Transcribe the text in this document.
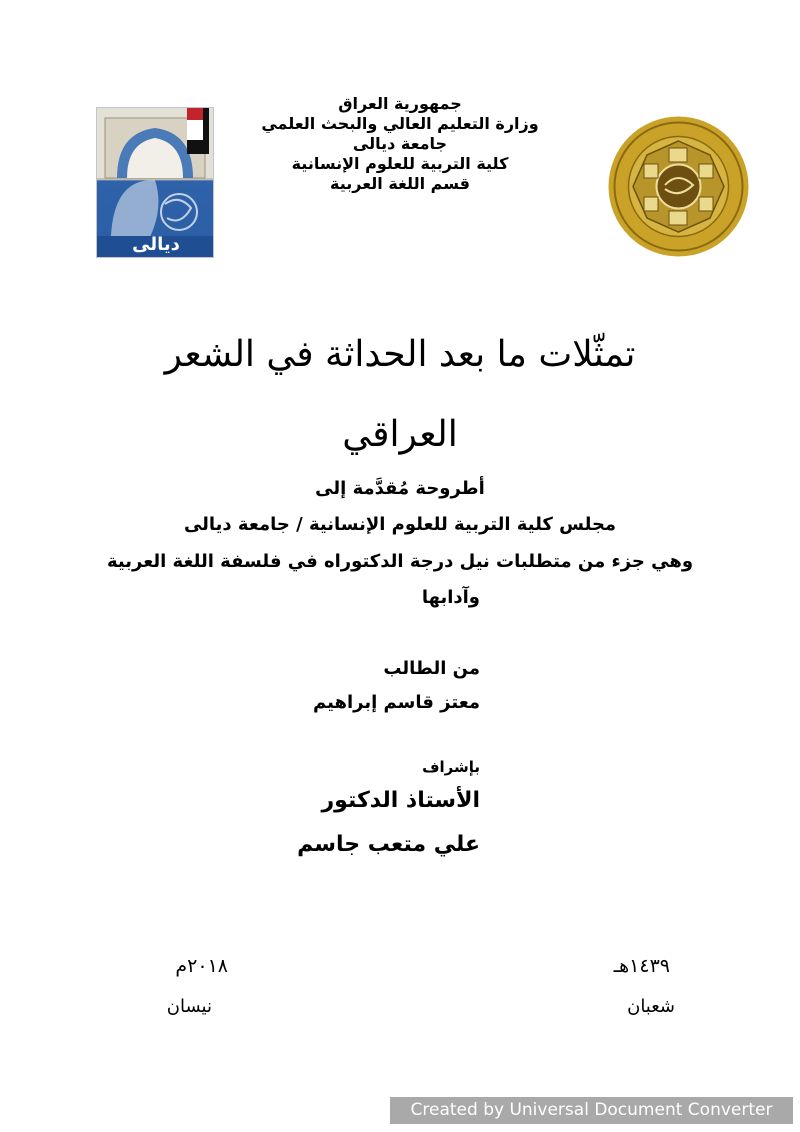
جمهورية العراق
وزارة التعليم العالي والبحث العلمي
جامعة ديالى
كلية التربية للعلوم الإنسانية
قسم اللغة العربية
ديالى
تمثّلات ما بعد الحداثة في الشعر
العراقي
أطروحة مُقدَّمة إلى
مجلس كلية التربية للعلوم الإنسانية / جامعة ديالى
وهي جزء من متطلبات نيل درجة الدكتوراه في فلسفة اللغة العربية
وآدابها
من الطالب
معتز قاسم إبراهيم
بإشراف
الأستاذ الدكتور
علي متعب جاسم
١٤٣٩هـ
شعبان
٢٠١٨م
نيسان
Created by Universal Document Converter
